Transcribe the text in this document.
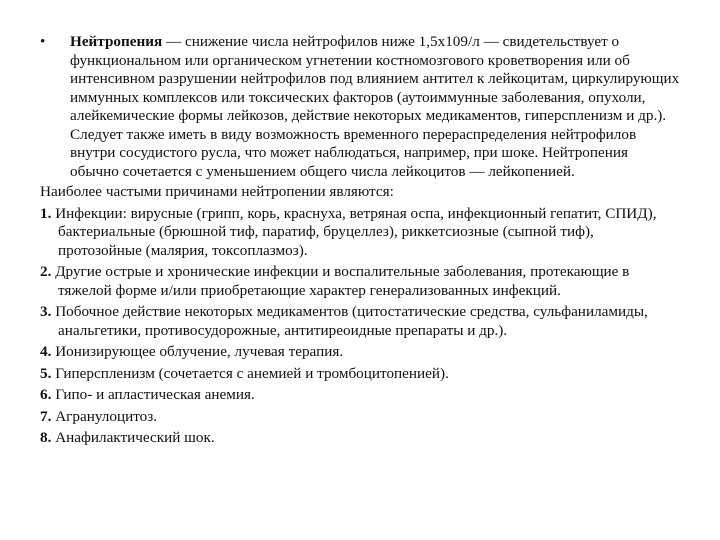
• Нейтропения — снижение числа нейтрофилов ниже 1,5х109/л — свидетельствует о функциональном или органическом угнетении костномозгового кроветворения или об интенсивном разрушении нейтрофилов под влиянием антител к лейкоцитам, циркулирующих иммунных комплексов или токсических факторов (аутоиммунные заболевания, опухоли, алейкемические формы лейкозов, действие некоторых медикаментов, гиперспленизм и др.). Следует также иметь в виду возможность временного перераспределения нейтрофилов внутри сосудистого русла, что может наблюдаться, например, при шоке. Нейтропения обычно сочетается с уменьшением общего числа лейкоцитов — лейкопенией.

Наиболее частыми причинами нейтропении являются:

1. Инфекции: вирусные (грипп, корь, краснуха, ветряная оспа, инфекционный гепатит, СПИД), бактериальные (брюшной тиф, паратиф, бруцеллез), риккетсиозные (сыпной тиф), протозойные (малярия, токсоплазмоз).
2. Другие острые и хронические инфекции и воспалительные заболевания, протекающие в тяжелой форме и/или приобретающие характер генерализованных инфекций.
3. Побочное действие некоторых медикаментов (цитостатические средства, сульфаниламиды, анальгетики, противосудорожные, антитиреоидные препараты и др.).
4. Ионизирующее облучение, лучевая терапия.
5. Гиперспленизм (сочетается с анемией и тромбоцитопенией).
6. Гипо- и апластическая анемия.
7. Агранулоцитоз.
8. Анафилактический шок.
